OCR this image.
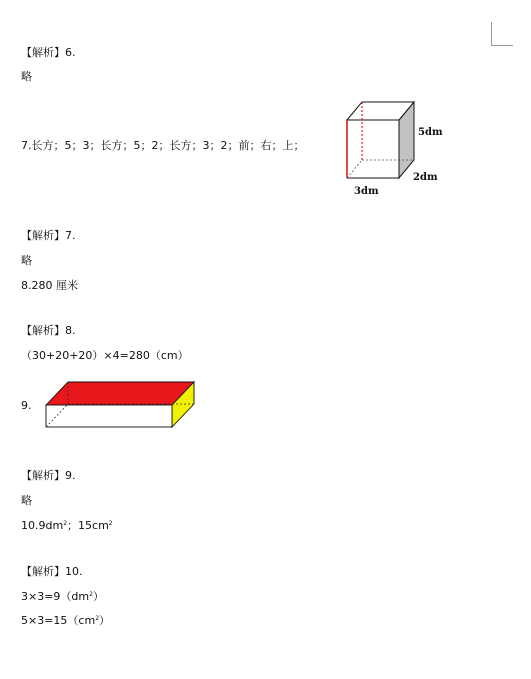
【解析】6.
略
7.长方；5；3；长方；5；2；长方；3；2；前；右；上；
5dm
2dm
3dm
【解析】7.
略
8.280 厘米
【解析】8.
（30+20+20）×4=280（cm）
9.
【解析】9.
略
$10.9dm^2$；$15cm^2$
【解析】10.
$3\times 3=9(dm^2)$
$5\times 3=15(cm^2)$
